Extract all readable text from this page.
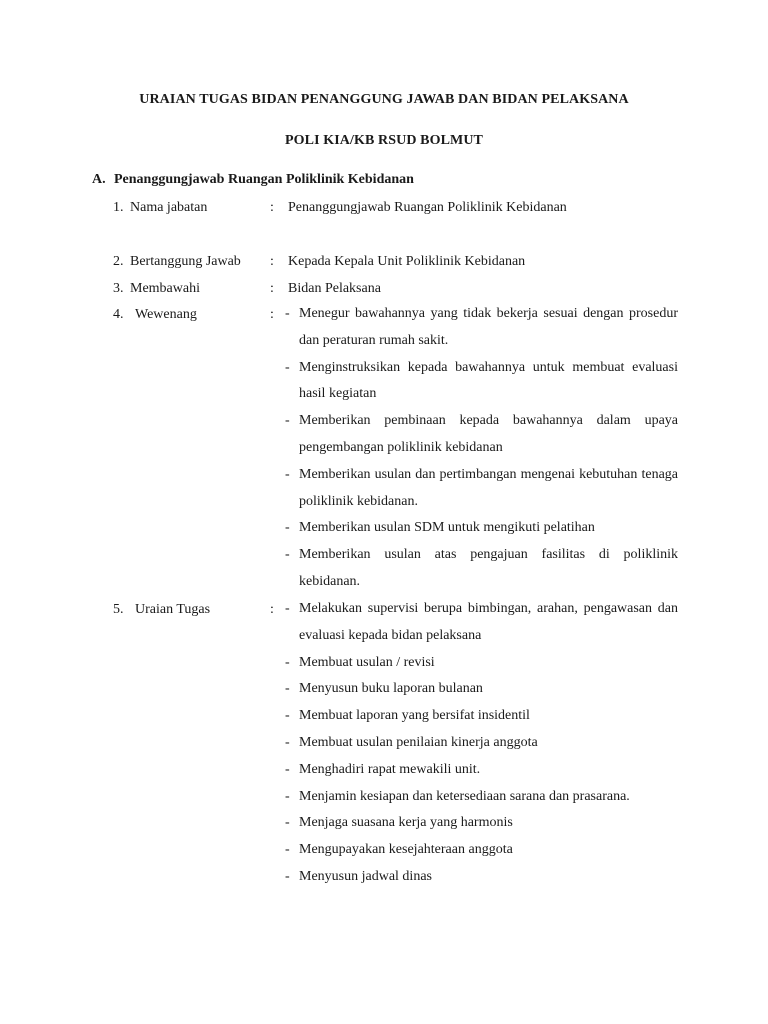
URAIAN TUGAS BIDAN PENANGGUNG JAWAB DAN BIDAN PELAKSANA
POLI KIA/KB RSUD BOLMUT
A. Penanggungjawab Ruangan Poliklinik Kebidanan
1. Nama jabatan	: Penanggungjawab Ruangan Poliklinik Kebidanan
2. Bertanggung Jawab : Kepada Kepala Unit Poliklinik Kebidanan
3. Membawahi	: Bidan Pelaksana
4. Wewenang	: - Menegur bawahannya yang tidak bekerja sesuai dengan prosedur dan peraturan rumah sakit.
- Menginstruksikan kepada bawahannya untuk membuat evaluasi hasil kegiatan
- Memberikan pembinaan kepada bawahannya dalam upaya pengembangan poliklinik kebidanan
- Memberikan usulan dan pertimbangan mengenai kebutuhan tenaga poliklinik kebidanan.
- Memberikan usulan SDM untuk mengikuti pelatihan
- Memberikan usulan atas pengajuan fasilitas di poliklinik kebidanan.
5. Uraian Tugas	: - Melakukan supervisi berupa bimbingan, arahan, pengawasan dan evaluasi kepada bidan pelaksana
- Membuat usulan / revisi
- Menyusun buku laporan bulanan
- Membuat laporan yang bersifat insidentil
- Membuat usulan penilaian kinerja anggota
- Menghadiri rapat mewakili unit.
- Menjamin kesiapan dan ketersediaan sarana dan prasarana.
- Menjaga suasana kerja yang harmonis
- Mengupayakan kesejahteraan anggota
- Menyusun jadwal dinas
